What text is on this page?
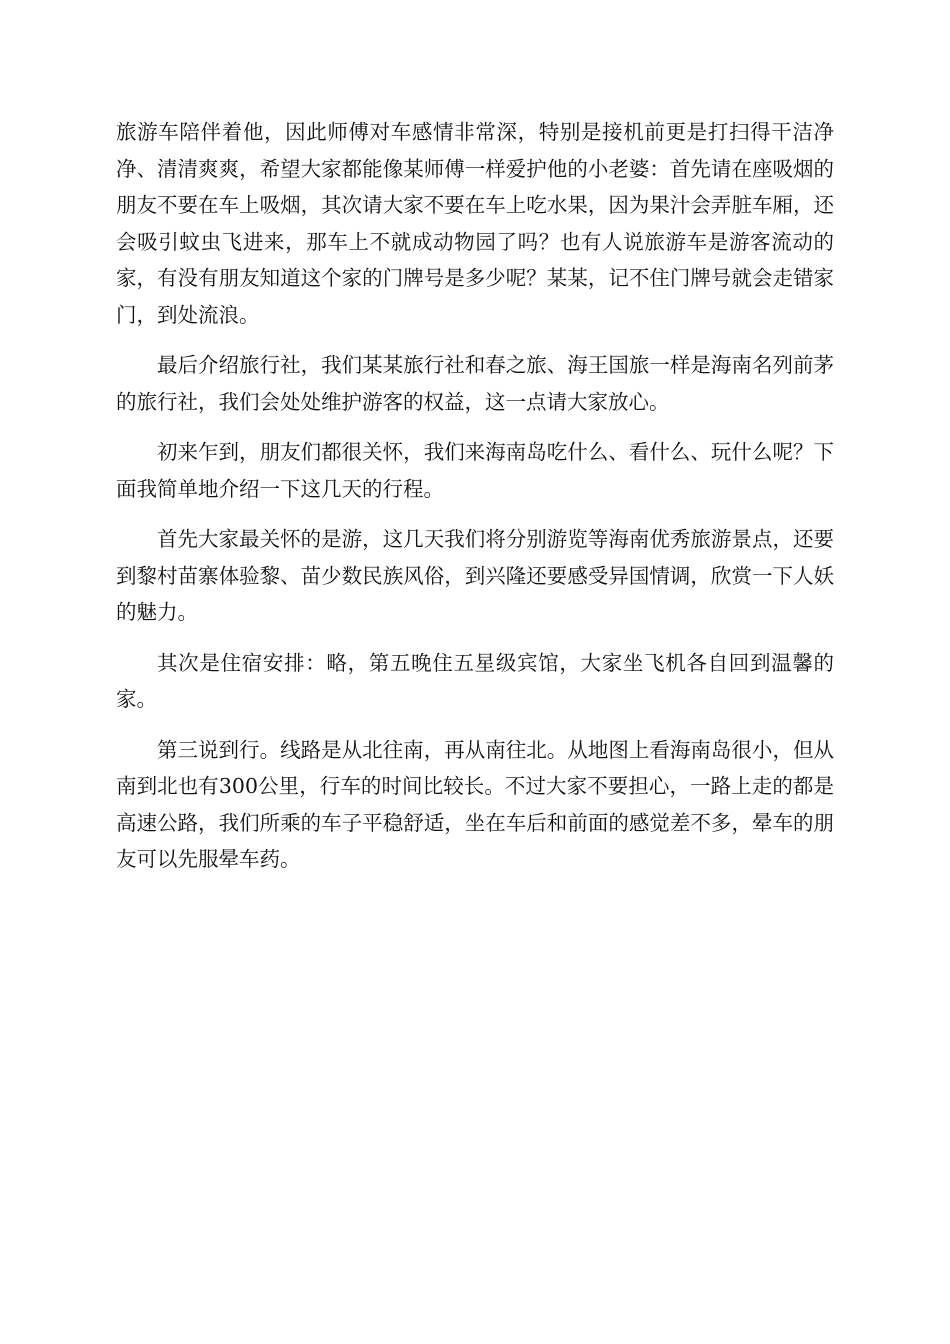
旅游车陪伴着他，因此师傅对车感情非常深，特别是接机前更是打扫得干洁净净、清清爽爽，希望大家都能像某师傅一样爱护他的小老婆：首先请在座吸烟的朋友不要在车上吸烟，其次请大家不要在车上吃水果，因为果汁会弄脏车厢，还会吸引蚊虫飞进来，那车上不就成动物园了吗？也有人说旅游车是游客流动的家，有没有朋友知道这个家的门牌号是多少呢？某某，记不住门牌号就会走错家门，到处流浪。

最后介绍旅行社，我们某某旅行社和春之旅、海王国旅一样是海南名列前茅的旅行社，我们会处处维护游客的权益，这一点请大家放心。

初来乍到，朋友们都很关怀，我们来海南岛吃什么、看什么、玩什么呢？下面我简单地介绍一下这几天的行程。

首先大家最关怀的是游，这几天我们将分别游览等海南优秀旅游景点，还要到黎村苗寨体验黎、苗少数民族风俗，到兴隆还要感受异国情调，欣赏一下人妖的魅力。

其次是住宿安排：略，第五晚住五星级宾馆，大家坐飞机各自回到温馨的家。

第三说到行。线路是从北往南，再从南往北。从地图上看海南岛很小，但从南到北也有300公里，行车的时间比较长。不过大家不要担心，一路上走的都是高速公路，我们所乘的车子平稳舒适，坐在车后和前面的感觉差不多，晕车的朋友可以先服晕车药。
